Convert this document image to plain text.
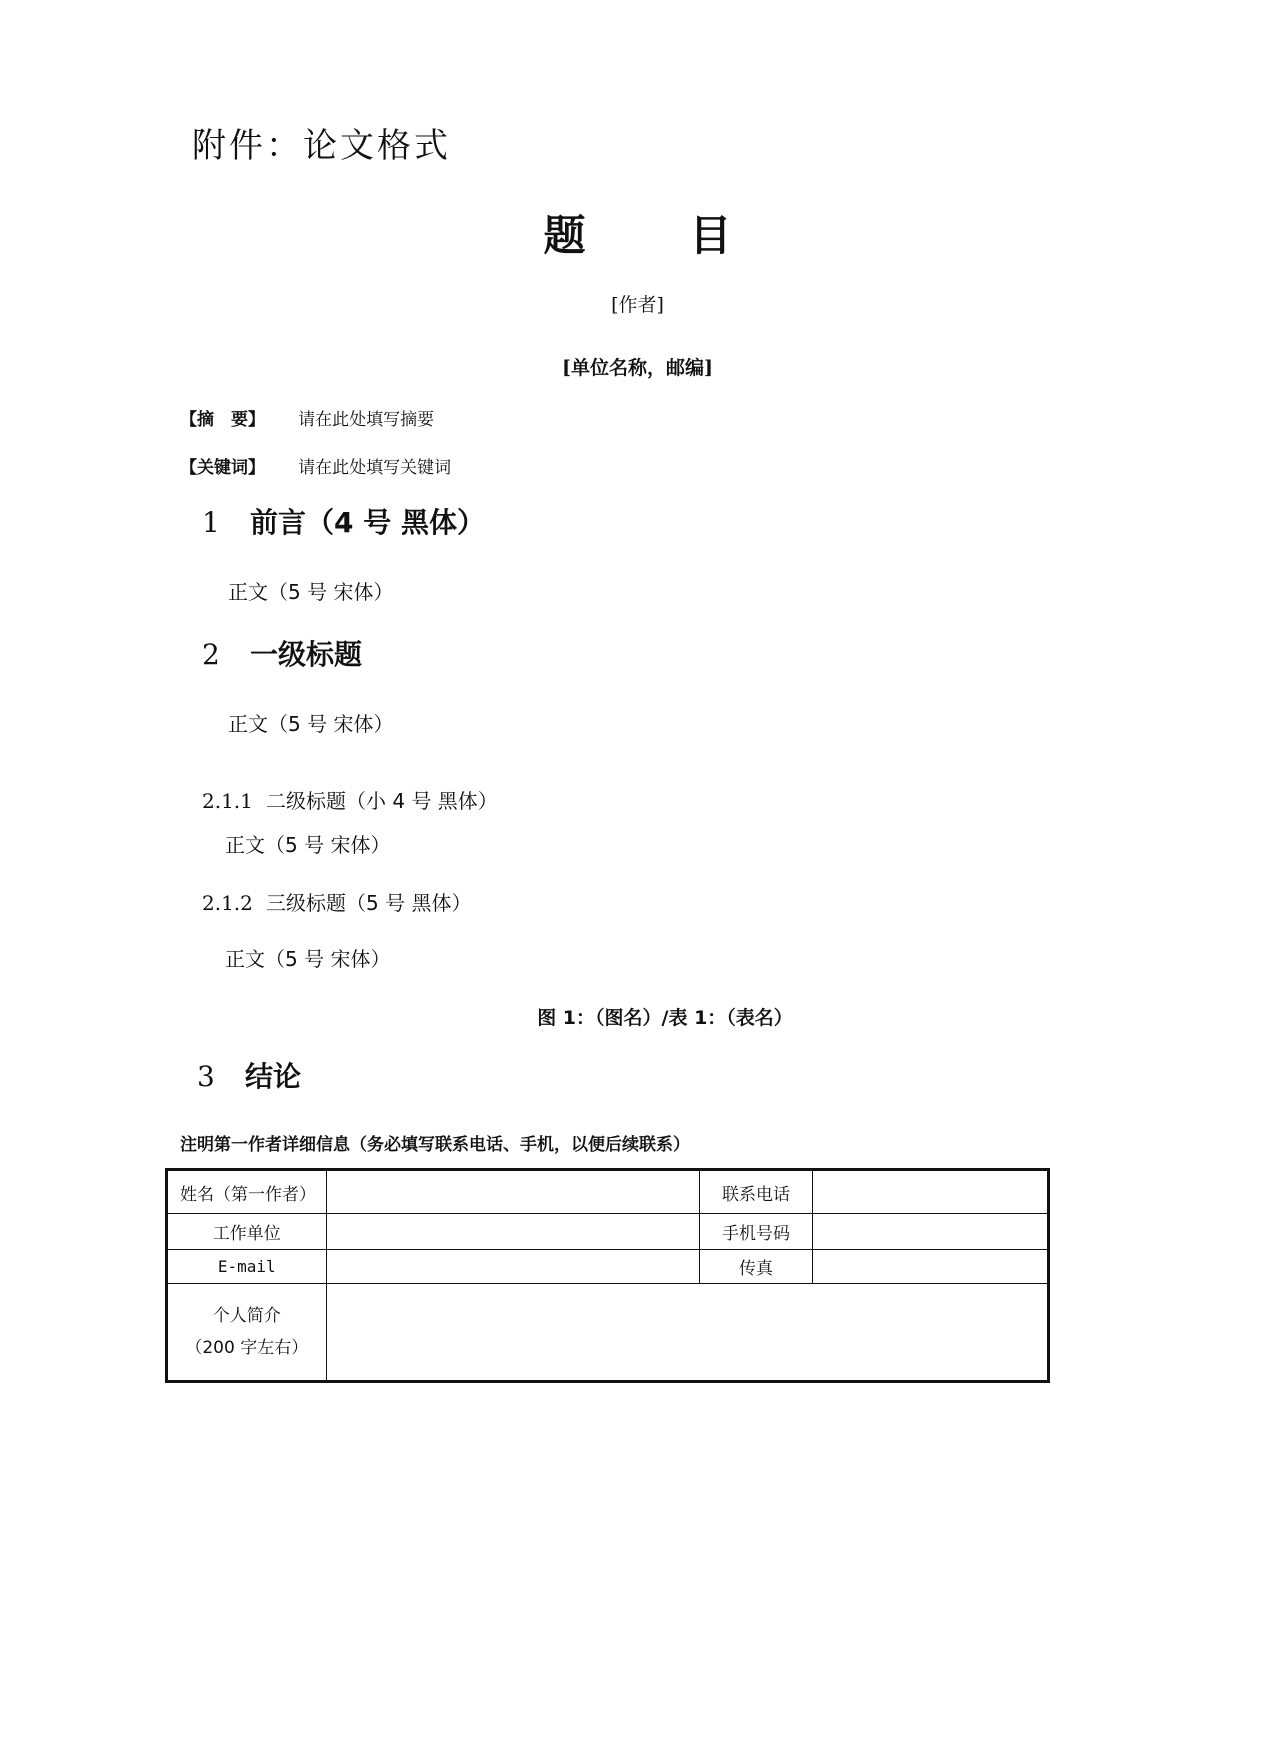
附件：论文格式
题 目
[作者]
[单位名称，邮编]
【摘　要】 请在此处填写摘要
【关键词】 请在此处填写关键词
1 前言（4 号 黑体）
正文（5 号 宋体）
2 一级标题
正文（5 号 宋体）
2.1.1 二级标题（小 4 号 黑体）
正文（5 号 宋体）
2.1.2 三级标题（5 号 黑体）
正文（5 号 宋体）
图 1：（图名）/表 1：（表名）
3 结论
注明第一作者详细信息（务必填写联系电话、手机，以便后续联系）
姓名（第一作者）		联系电话	
工作单位		手机号码	
E-mail		传真	

个人简介
（200 字左右）			
